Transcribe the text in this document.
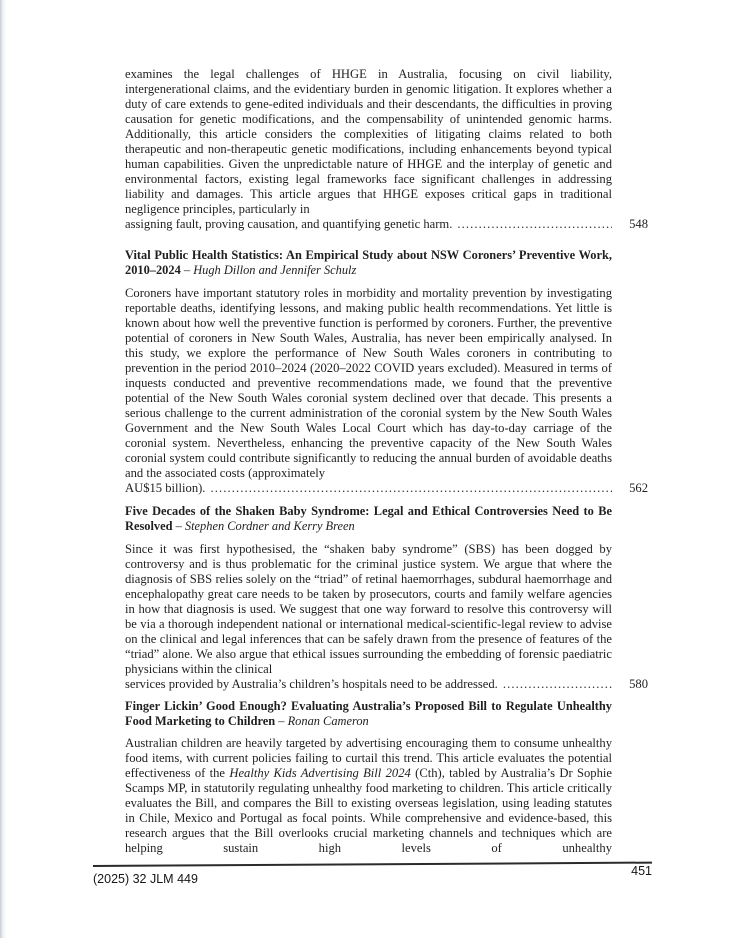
examines the legal challenges of HHGE in Australia, focusing on civil liability, intergenerational claims, and the evidentiary burden in genomic litigation. It explores whether a duty of care extends to gene-edited individuals and their descendants, the difficulties in proving causation for genetic modifications, and the compensability of unintended genomic harms. Additionally, this article considers the complexities of litigating claims related to both therapeutic and non-therapeutic genetic modifications, including enhancements beyond typical human capabilities. Given the unpredictable nature of HHGE and the interplay of genetic and environmental factors, existing legal frameworks face significant challenges in addressing liability and damages. This article argues that HHGE exposes critical gaps in traditional negligence principles, particularly in

assigning fault, proving causation, and quantifying genetic harm. .....	548
Vital Public Health Statistics: An Empirical Study about NSW Coroners’ Preventive Work, 2010–2024 – Hugh Dillon and Jennifer Schulz

Coroners have important statutory roles in morbidity and mortality prevention by investigating reportable deaths, identifying lessons, and making public health recommendations. Yet little is known about how well the preventive function is performed by coroners. Further, the preventive potential of coroners in New South Wales, Australia, has never been empirically analysed. In this study, we explore the performance of New South Wales coroners in contributing to prevention in the period 2010–2024 (2020–2022 COVID years excluded). Measured in terms of inquests conducted and preventive recommendations made, we found that the preventive potential of the New South Wales coronial system declined over that decade. This presents a serious challenge to the current administration of the coronial system by the New South Wales Government and the New South Wales Local Court which has day-to-day carriage of the coronial system. Nevertheless, enhancing the preventive capacity of the New South Wales coronial system could contribute significantly to reducing the annual burden of avoidable deaths and the associated costs (approximately

AU$15 billion). .....	562
Five Decades of the Shaken Baby Syndrome: Legal and Ethical Controversies Need to Be Resolved – Stephen Cordner and Kerry Breen

Since it was first hypothesised, the “shaken baby syndrome” (SBS) has been dogged by controversy and is thus problematic for the criminal justice system. We argue that where the diagnosis of SBS relies solely on the “triad” of retinal haemorrhages, subdural haemorrhage and encephalopathy great care needs to be taken by prosecutors, courts and family welfare agencies in how that diagnosis is used. We suggest that one way forward to resolve this controversy will be via a thorough independent national or international medical-scientific-legal review to advise on the clinical and legal inferences that can be safely drawn from the presence of features of the “triad” alone. We also argue that ethical issues surrounding the embedding of forensic paediatric physicians within the clinical

services provided by Australia’s children’s hospitals need to be addressed. .....	580
Finger Lickin’ Good Enough? Evaluating Australia’s Proposed Bill to Regulate Unhealthy Food Marketing to Children – Ronan Cameron

Australian children are heavily targeted by advertising encouraging them to consume unhealthy food items, with current policies failing to curtail this trend. This article evaluates the potential effectiveness of the Healthy Kids Advertising Bill 2024 (Cth), tabled by Australia’s Dr Sophie Scamps MP, in statutorily regulating unhealthy food marketing to children. This article critically evaluates the Bill, and compares the Bill to existing overseas legislation, using leading statutes in Chile, Mexico and Portugal as focal points. While comprehensive and evidence-based, this research argues that the Bill overlooks crucial marketing channels and techniques which are helping sustain high levels of unhealthy

(2025) 32 JLM 449
451
